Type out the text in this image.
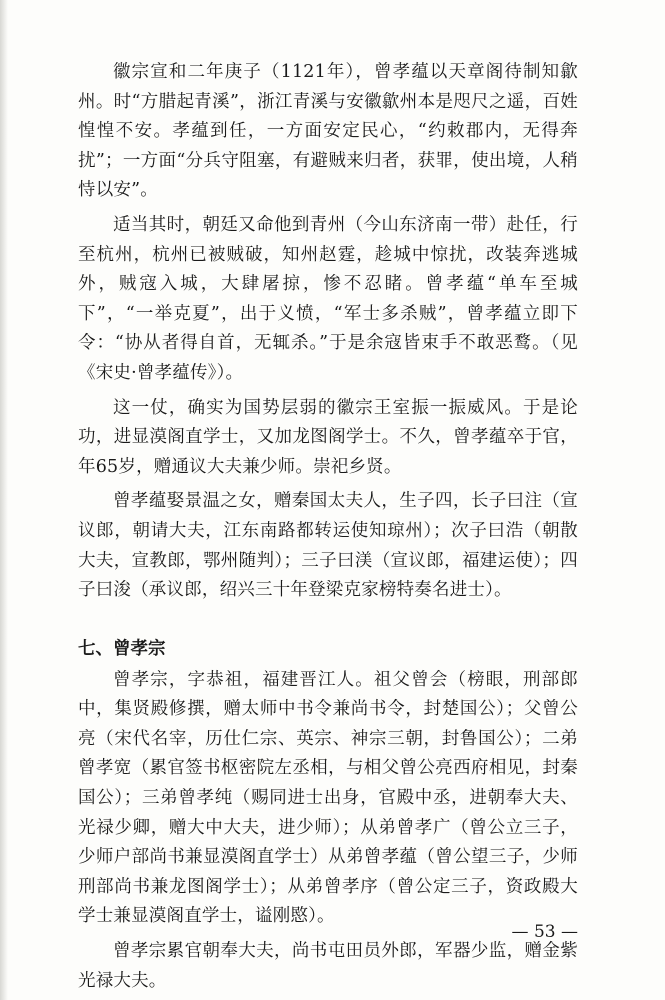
徽宗宣和二年庚子（1121年），曾孝蕴以天章阁待制知歙州。时“方腊起青溪”，浙江青溪与安徽歙州本是咫尺之遥，百姓惶惶不安。孝蕴到任，一方面安定民心，“约敕郡内，无得奔扰”；一方面“分兵守阻塞，有避贼来归者，获罪，使出境，人稍恃以安”。

适当其时，朝廷又命他到青州（今山东济南一带）赴任，行至杭州，杭州已被贼破，知州赵霆，趁城中惊扰，改装奔逃城外，贼寇入城，大肆屠掠，惨不忍睹。曾孝蕴“单车至城下”，“一举克夏”，出于义愤，“军士多杀贼”，曾孝蕴立即下令：“协从者得自首，无辄杀。”于是余寇皆束手不敢恶鹜。（见《宋史·曾孝蕴传》）。

这一仗，确实为国势层弱的徽宗王室振一振威风。于是论功，进显漠阁直学士，又加龙图阁学士。不久，曾孝蕴卒于官，年65岁，赠通议大夫兼少师。崇祀乡贤。

曾孝蕴娶景温之女，赠秦国太夫人，生子四，长子曰注（宣议郎，朝请大夫，江东南路都转运使知琼州）；次子曰浩（朝散大夫，宣教郎，鄂州随判）；三子曰渼（宣议郎，福建运使）；四子曰浚（承议郎，绍兴三十年登梁克家榜特奏名进士）。

七、曾孝宗

曾孝宗，字恭祖，福建晋江人。祖父曾会（榜眼，刑部郎中，集贤殿修撰，赠太师中书令兼尚书令，封楚国公）；父曾公亮（宋代名宰，历仕仁宗、英宗、神宗三朝，封鲁国公）；二弟曾孝宽（累官签书枢密院左丞相，与相父曾公亮西府相见，封秦国公）；三弟曾孝纯（赐同进士出身，官殿中丞，进朝奉大夫、光禄少卿，赠大中大夫，进少师）；从弟曾孝广（曾公立三子，少师户部尚书兼显漠阁直学士）从弟曾孝蕴（曾公望三子，少师刑部尚书兼龙图阁学士）；从弟曾孝序（曾公定三子，资政殿大学士兼显漠阁直学士，谥刚愍）。

曾孝宗累官朝奉大夫，尚书屯田员外郎，军器少监，赠金紫光禄大夫。

— 53 —
